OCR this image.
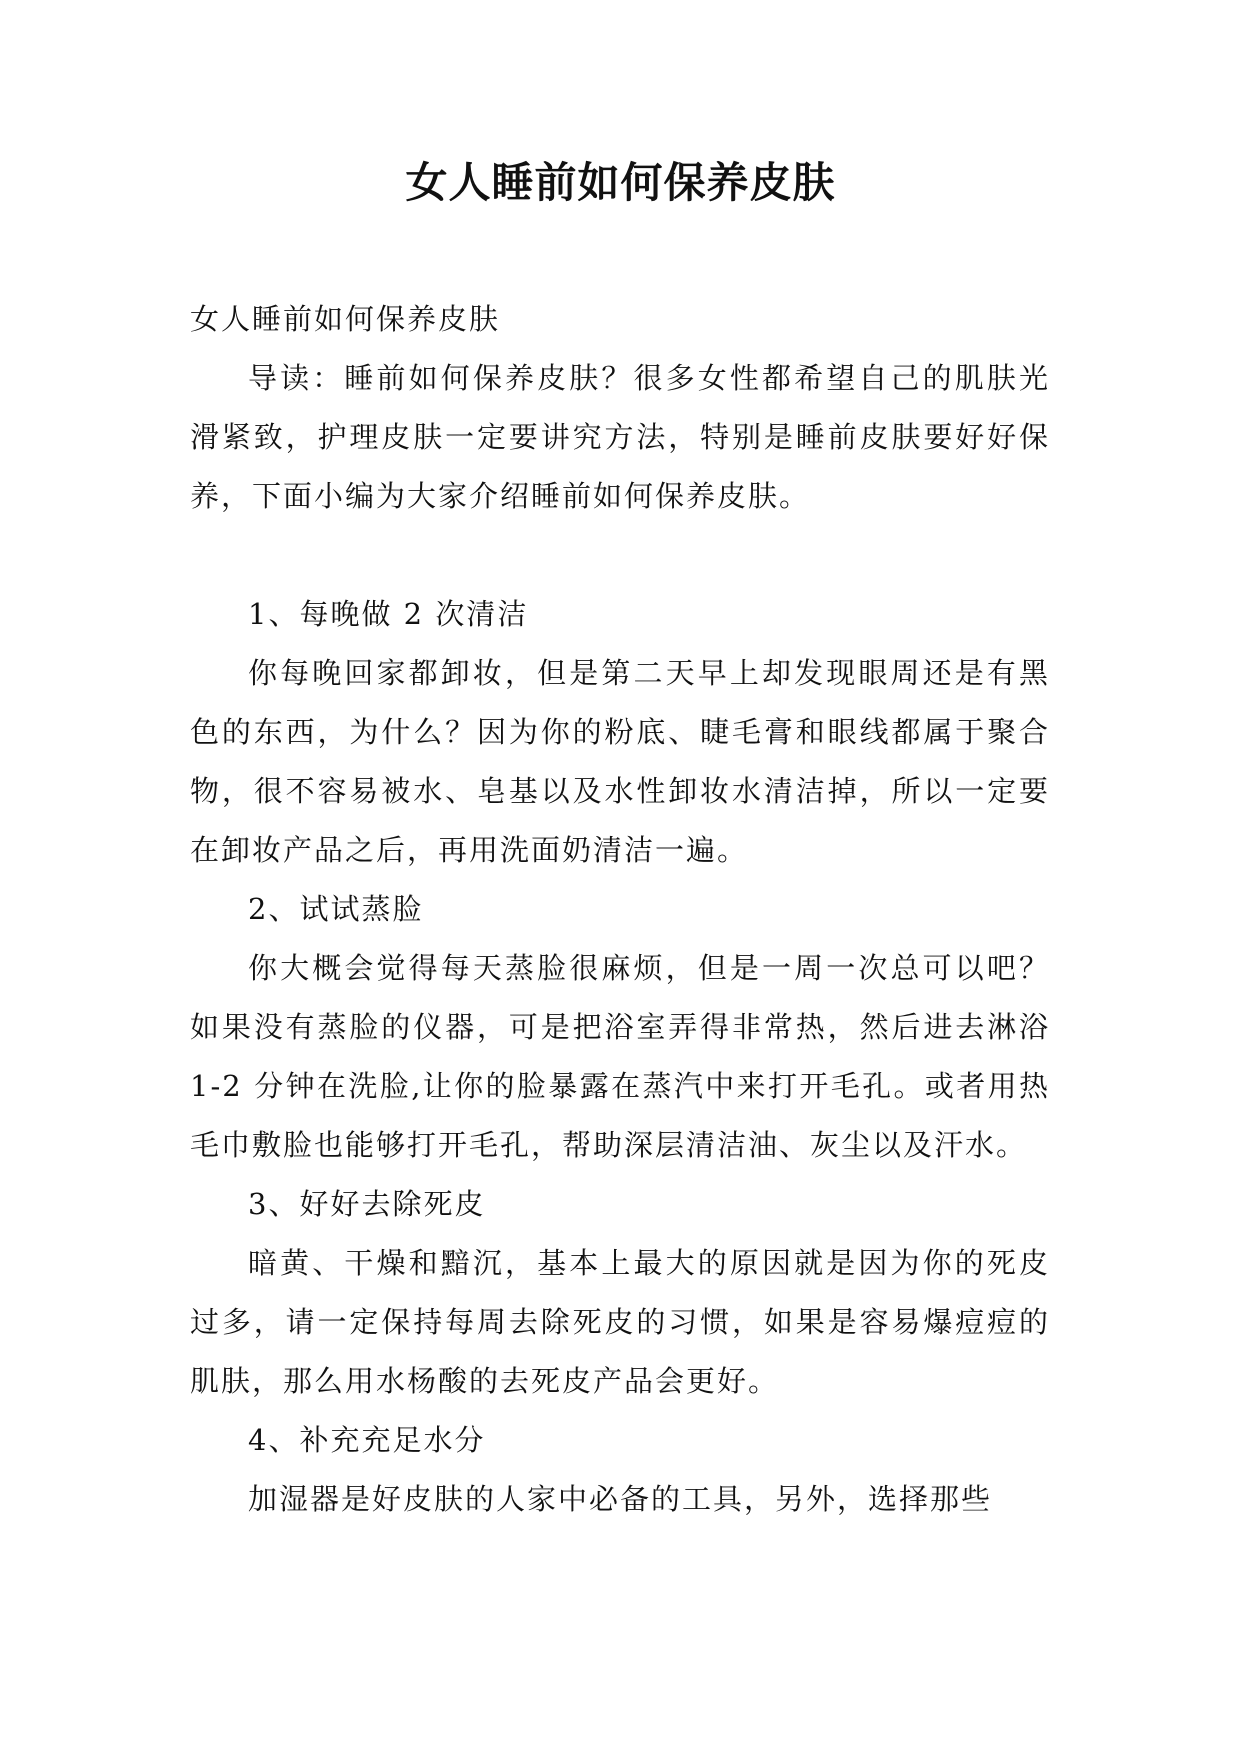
女人睡前如何保养皮肤

女人睡前如何保养皮肤

导读：睡前如何保养皮肤？很多女性都希望自己的肌肤光滑紧致，护理皮肤一定要讲究方法，特别是睡前皮肤要好好保养，下面小编为大家介绍睡前如何保养皮肤。

1、每晚做 2 次清洁

你每晚回家都卸妆，但是第二天早上却发现眼周还是有黑色的东西，为什么？因为你的粉底、睫毛膏和眼线都属于聚合物，很不容易被水、皂基以及水性卸妆水清洁掉，所以一定要在卸妆产品之后，再用洗面奶清洁一遍。

2、试试蒸脸

你大概会觉得每天蒸脸很麻烦，但是一周一次总可以吧？如果没有蒸脸的仪器，可是把浴室弄得非常热，然后进去淋浴 1-2 分钟在洗脸,让你的脸暴露在蒸汽中来打开毛孔。或者用热毛巾敷脸也能够打开毛孔，帮助深层清洁油、灰尘以及汗水。

3、好好去除死皮

暗黄、干燥和黯沉，基本上最大的原因就是因为你的死皮过多，请一定保持每周去除死皮的习惯，如果是容易爆痘痘的肌肤，那么用水杨酸的去死皮产品会更好。

4、补充充足水分

加湿器是好皮肤的人家中必备的工具，另外，选择那些
